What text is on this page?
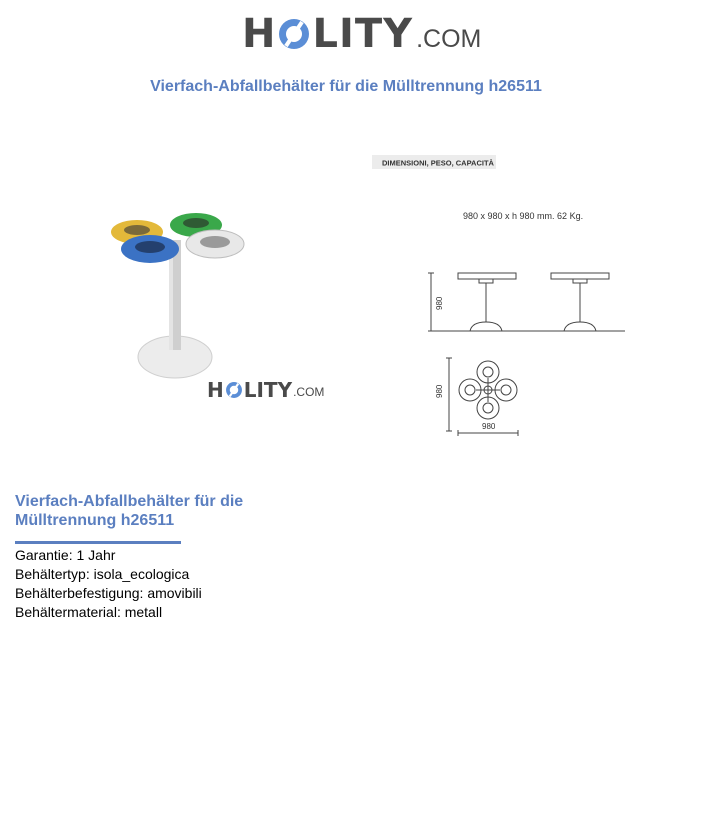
H LITY .COM
Vierfach-Abfallbehälter für die Mülltrennung h26511
H LITY .COM
DIMENSIONI, PESO, CAPACITÀ
980 x 980 x h 980 mm. 62 Kg.
980
980
980
Vierfach-Abfallbehälter für die Mülltrennung h26511
Garantie: 1 Jahr
Behältertyp: isola_ecologica
Behälterbefestigung: amovibili
Behältermaterial: metall
